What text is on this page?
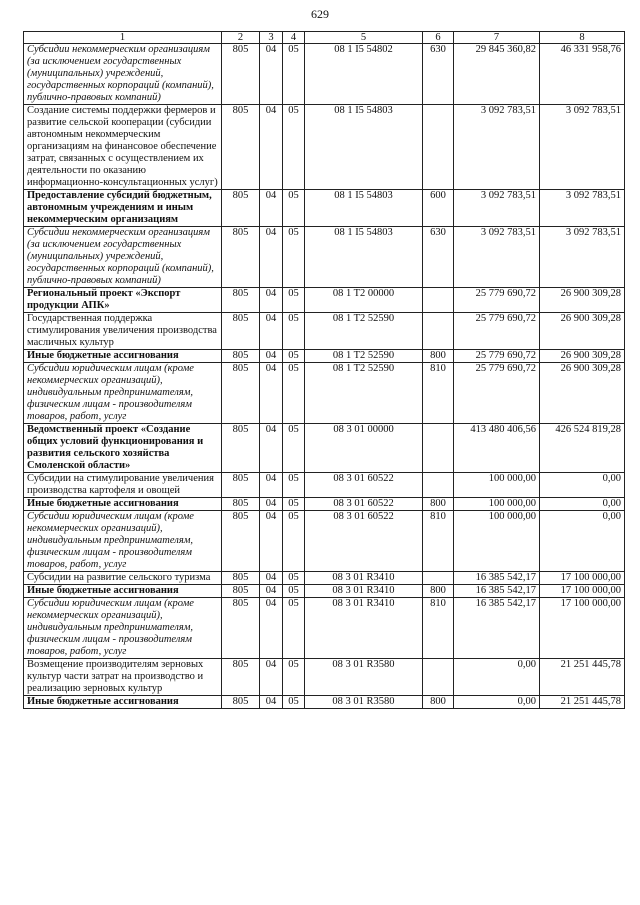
629
1	2	3	4	5	6	7	8
Субсидии некоммерческим организациям (за исключением государственных (муниципальных) учреждений, государственных корпораций (компаний), публично-правовых компаний)	805	04	05	08 1 I5 54802	630	29 845 360,82	46 331 958,76
Создание системы поддержки фермеров и развитие сельской кооперации (субсидии автономным некоммерческим организациям на финансовое обеспечение затрат, связанных с осуществлением их деятельности по оказанию информационно-консультационных услуг)	805	04	05	08 1 I5 54803		3 092 783,51	3 092 783,51
Предоставление субсидий бюджетным, автономным учреждениям и иным некоммерческим организациям	805	04	05	08 1 I5 54803	600	3 092 783,51	3 092 783,51
Субсидии некоммерческим организациям (за исключением государственных (муниципальных) учреждений, государственных корпораций (компаний), публично-правовых компаний)	805	04	05	08 1 I5 54803	630	3 092 783,51	3 092 783,51
Региональный проект «Экспорт продукции АПК»	805	04	05	08 1 T2 00000		25 779 690,72	26 900 309,28
Государственная поддержка стимулирования увеличения производства масличных культур	805	04	05	08 1 T2 52590		25 779 690,72	26 900 309,28
Иные бюджетные ассигнования	805	04	05	08 1 T2 52590	800	25 779 690,72	26 900 309,28
Субсидии юридическим лицам (кроме некоммерческих организаций), индивидуальным предпринимателям, физическим лицам - производителям товаров, работ, услуг	805	04	05	08 1 T2 52590	810	25 779 690,72	26 900 309,28
Ведомственный проект «Создание общих условий функционирования и развития сельского хозяйства Смоленской области»	805	04	05	08 3 01 00000		413 480 406,56	426 524 819,28
Субсидии на стимулирование увеличения производства картофеля и овощей	805	04	05	08 3 01 60522		100 000,00	0,00
Иные бюджетные ассигнования	805	04	05	08 3 01 60522	800	100 000,00	0,00
Субсидии юридическим лицам (кроме некоммерческих организаций), индивидуальным предпринимателям, физическим лицам - производителям товаров, работ, услуг	805	04	05	08 3 01 60522	810	100 000,00	0,00
Субсидии на развитие сельского туризма	805	04	05	08 3 01 R3410		16 385 542,17	17 100 000,00
Иные бюджетные ассигнования	805	04	05	08 3 01 R3410	800	16 385 542,17	17 100 000,00
Субсидии юридическим лицам (кроме некоммерческих организаций), индивидуальным предпринимателям, физическим лицам - производителям товаров, работ, услуг	805	04	05	08 3 01 R3410	810	16 385 542,17	17 100 000,00
Возмещение производителям зерновых культур части затрат на производство и реализацию зерновых культур	805	04	05	08 3 01 R3580		0,00	21 251 445,78
Иные бюджетные ассигнования	805	04	05	08 3 01 R3580	800	0,00	21 251 445,78
